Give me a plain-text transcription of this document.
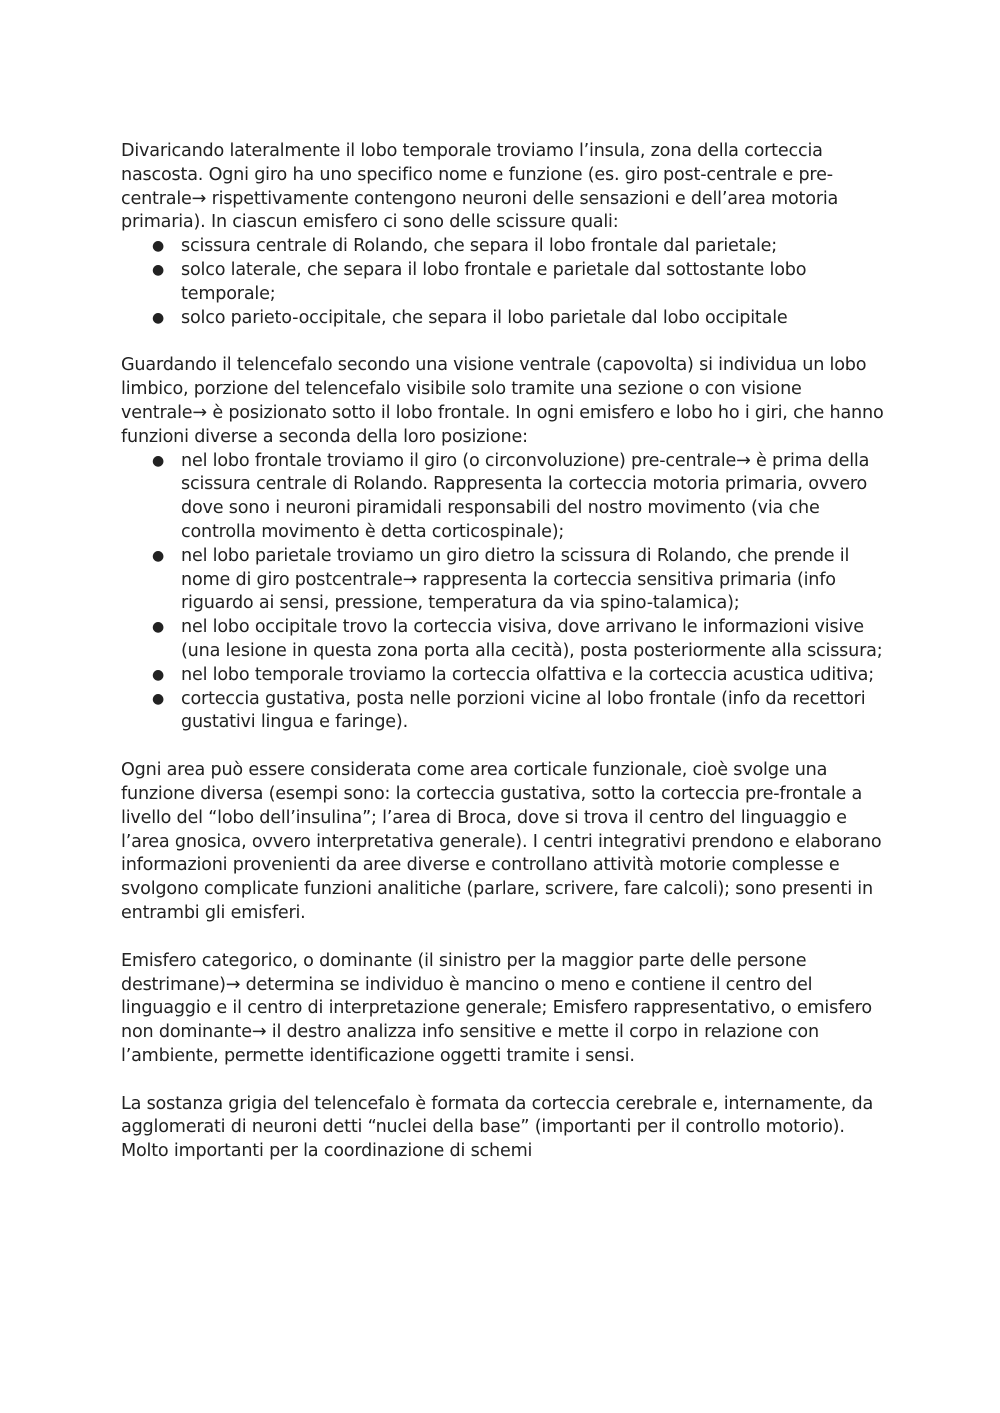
Divaricando lateralmente il lobo temporale troviamo l’insula, zona della corteccia nascosta. Ogni giro ha uno specifico nome e funzione (es. giro post-centrale e pre-centrale→ rispettivamente contengono neuroni delle sensazioni e dell’area motoria primaria). In ciascun emisfero ci sono delle scissure quali:

● scissura centrale di Rolando, che separa il lobo frontale dal parietale;
● solco laterale, che separa il lobo frontale e parietale dal sottostante lobo temporale;
● solco parieto-occipitale, che separa il lobo parietale dal lobo occipitale

Guardando il telencefalo secondo una visione ventrale (capovolta) si individua un lobo limbico, porzione del telencefalo visibile solo tramite una sezione o con visione ventrale→ è posizionato sotto il lobo frontale. In ogni emisfero e lobo ho i giri, che hanno funzioni diverse a seconda della loro posizione:

● nel lobo frontale troviamo il giro (o circonvoluzione) pre-centrale→ è prima della scissura centrale di Rolando. Rappresenta la corteccia motoria primaria, ovvero dove sono i neuroni piramidali responsabili del nostro movimento (via che controlla movimento è detta corticospinale);
● nel lobo parietale troviamo un giro dietro la scissura di Rolando, che prende il nome di giro postcentrale→ rappresenta la corteccia sensitiva primaria (info riguardo ai sensi, pressione, temperatura da via spino-talamica);
● nel lobo occipitale trovo la corteccia visiva, dove arrivano le informazioni visive (una lesione in questa zona porta alla cecità), posta posteriormente alla scissura;
● nel lobo temporale troviamo la corteccia olfattiva e la corteccia acustica uditiva;
● corteccia gustativa, posta nelle porzioni vicine al lobo frontale (info da recettori gustativi lingua e faringe).

Ogni area può essere considerata come area corticale funzionale, cioè svolge una funzione diversa (esempi sono: la corteccia gustativa, sotto la corteccia pre-frontale a livello del “lobo dell’insulina”; l’area di Broca, dove si trova il centro del linguaggio e l’area gnosica, ovvero interpretativa generale). I centri integrativi prendono e elaborano informazioni provenienti da aree diverse e controllano attività motorie complesse e svolgono complicate funzioni analitiche (parlare, scrivere, fare calcoli); sono presenti in entrambi gli emisferi.

Emisfero categorico, o dominante (il sinistro per la maggior parte delle persone destrimane)→ determina se individuo è mancino o meno e contiene il centro del linguaggio e il centro di interpretazione generale; Emisfero rappresentativo, o emisfero non dominante→ il destro analizza info sensitive e mette il corpo in relazione con l’ambiente, permette identificazione oggetti tramite i sensi.

La sostanza grigia del telencefalo è formata da corteccia cerebrale e, internamente, da agglomerati di neuroni detti “nuclei della base” (importanti per il controllo motorio). Molto importanti per la coordinazione di schemi
